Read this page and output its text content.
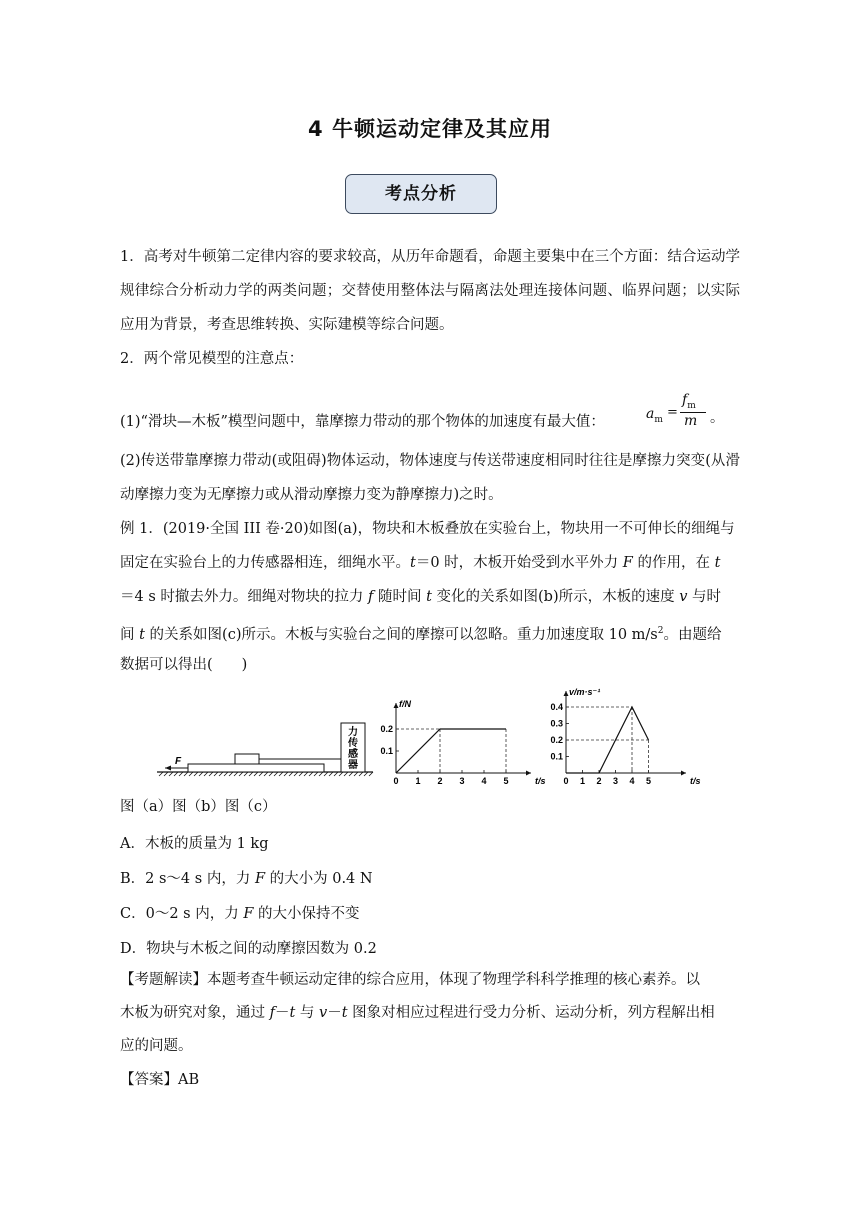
4 牛顿运动定律及其应用
考点分析
1．高考对牛顿第二定律内容的要求较高，从历年命题看，命题主要集中在三个方面：结合运动学规律综合分析动力学的两类问题；交替使用整体法与隔离法处理连接体问题、临界问题；以实际应用为背景，考查思维转换、实际建模等综合问题。
2．两个常见模型的注意点：
(1)“滑块—木板”模型问题中，靠摩擦力带动的那个物体的加速度有最大值：	$a_m$ =
$f_m$
m 。
(2)传送带靠摩擦力带动(或阻碍)物体运动，物体速度与传送带速度相同时往往是摩擦力突变(从滑动摩擦力变为无摩擦力或从滑动摩擦力变为静摩擦力)之时。
例 1．(2019·全国 III 卷·20)如图(a)，物块和木板叠放在实验台上，物块用一不可伸长的细绳与
固定在实验台上的力传感器相连，细绳水平。t＝0 时，木板开始受到水平外力 F 的作用，在 t
＝4 s 时撤去外力。细绳对物块的拉力 f 随时间 t 变化的关系如图(b)所示，木板的速度 v 与时
间 t 的关系如图(c)所示。木板与实验台之间的摩擦可以忽略。重力加速度取 10 $m/s^2$。由题给
数据可以得出(　　)
力
传
感
器
F
0 1 2 3 4 5
0.1
0.2
t/s
f/N
0 1 2 3 4 5
0.1
0.2
0.3
0.4
t/s
v/m·s⁻¹
图（a）图（b）图（c）
A．木板的质量为 1 kg
B．2 s～4 s 内，力 F 的大小为 0.4 N
C．0～2 s 内，力 F 的大小保持不变
D．物块与木板之间的动摩擦因数为 0.2
【考题解读】本题考查牛顿运动定律的综合应用，体现了物理学科科学推理的核心素养。以
木板为研究对象，通过 f－t 与 v－t 图象对相应过程进行受力分析、运动分析，列方程解出相
应的问题。
【答案】AB
